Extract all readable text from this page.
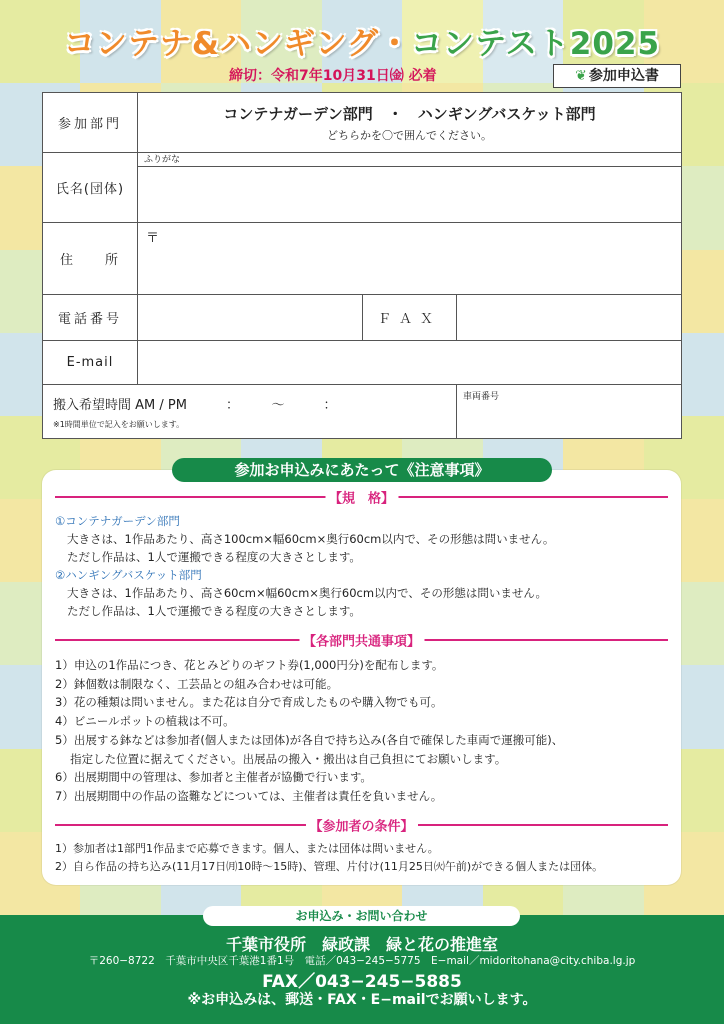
コンテナ&ハンギング・コンテスト2025
締切：令和7年10月31日㈮ 必着	❦ 参加申込書
参加部門	コンテナガーデン部門　・　ハンギングバスケット部門
どちらかを〇で囲んでください。		

氏名(団体)	ふりがな		

住　　所	〒		
電話番号		ＦＡＸ	
E-mail			

搬入希望時間 AM / PM　　　：　　　～　　　：
※1時間単位で記入をお願いします。			車両番号
参加お申込みにあたって《注意事項》
【規　格】
①コンテナガーデン部門
大きさは、1作品あたり、高さ100cm×幅60cm×奥行60cm以内で、その形態は問いません。
ただし作品は、1人で運搬できる程度の大きさとします。
②ハンギングバスケット部門
大きさは、1作品あたり、高さ60cm×幅60cm×奥行60cm以内で、その形態は問いません。
ただし作品は、1人で運搬できる程度の大きさとします。
【各部門共通事項】
1）申込の1作品につき、花とみどりのギフト券(1,000円分)を配布します。
2）鉢個数は制限なく、工芸品との組み合わせは可能。
3）花の種類は問いません。また花は自分で育成したものや購入物でも可。
4）ビニールポットの植栽は不可。
5）出展する鉢などは参加者(個人または団体)が各自で持ち込み(各自で確保した車両で運搬可能)、
　 指定した位置に据えてください。出展品の搬入・搬出は自己負担にてお願いします。
6）出展期間中の管理は、参加者と主催者が協働で行います。
7）出展期間中の作品の盗難などについては、主催者は責任を負いません。
【参加者の条件】
1）参加者は1部門1作品まで応募できます。個人、または団体は問いません。
2）自ら作品の持ち込み(11月17日㈪10時～15時)、管理、片付け(11月25日㈫午前)ができる個人または団体。
千葉市役所　緑政課　緑と花の推進室
〒260−8722　千葉市中央区千葉港1番1号　電話／043−245−5775　E−mail／midoritohana@city.chiba.lg.jp
FAX／043−245−5885
※お申込みは、郵送・FAX・E−mailでお願いします。
お申込み・お問い合わせ
